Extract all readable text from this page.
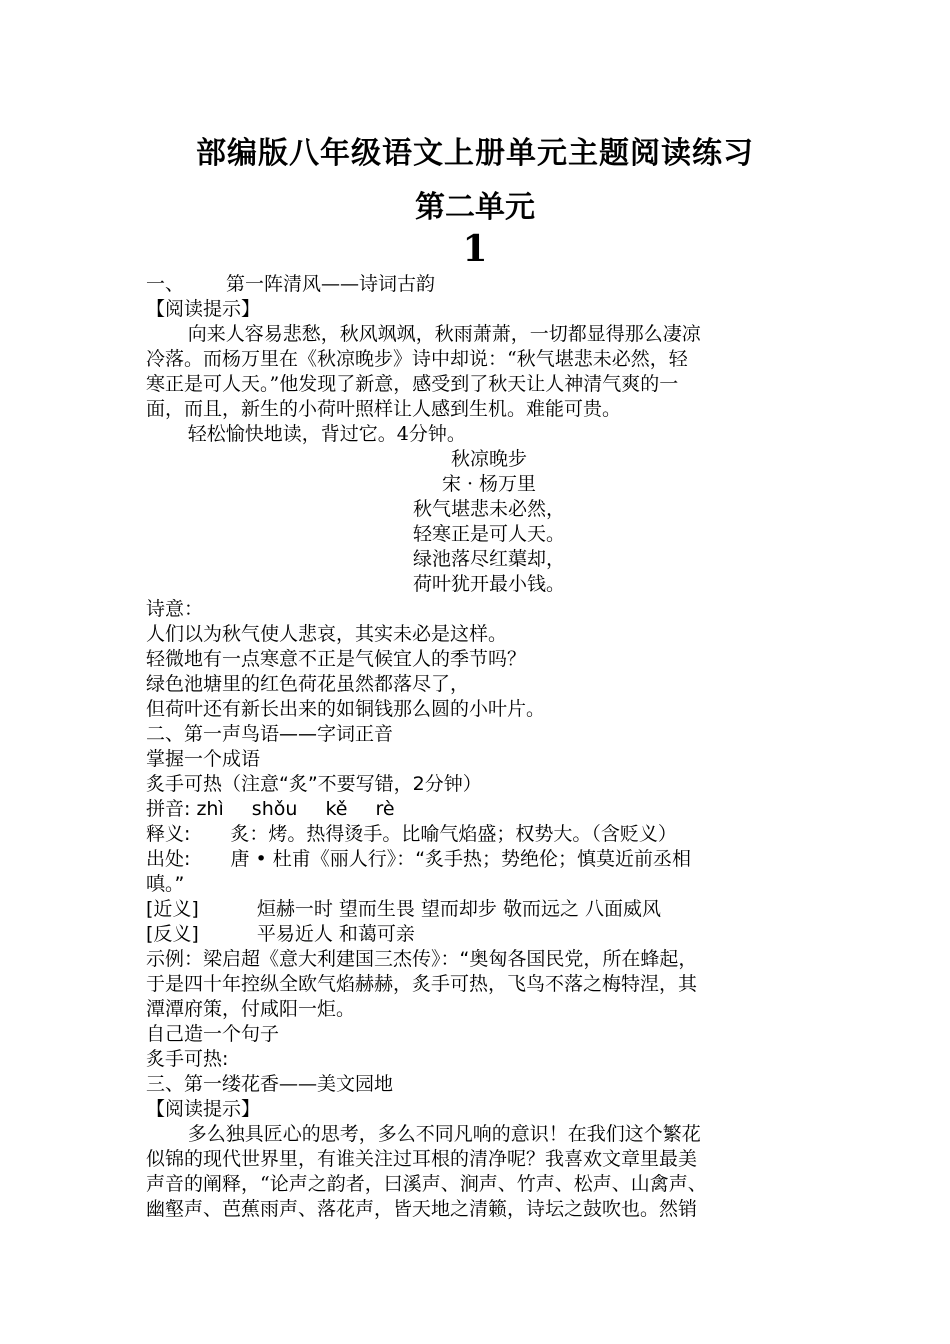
部编版八年级语文上册单元主题阅读练习
第二单元
1

一、 第一阵清风——诗词古韵

【阅读提示】

向来人容易悲愁，秋风飒飒，秋雨萧萧，一切都显得那么凄凉

冷落。而杨万里在《秋凉晚步》诗中却说：“秋气堪悲未必然，轻

寒正是可人天。”他发现了新意，感受到了秋天让人神清气爽的一

面，而且，新生的小荷叶照样让人感到生机。难能可贵。

轻松愉快地读，背过它。4分钟。

秋凉晚步

宋 · 杨万里

秋气堪悲未必然，

轻寒正是可人天。

绿池落尽红蕖却，

荷叶犹开最小钱。

诗意：

人们以为秋气使人悲哀，其实未必是这样。

轻微地有一点寒意不正是气候宜人的季节吗？

绿色池塘里的红色荷花虽然都落尽了，

但荷叶还有新长出来的如铜钱那么圆的小叶片。

二、第一声鸟语——字词正音

掌握一个成语

炙手可热（注意“炙”不要写错，2分钟）

拼音: zhì shǒu kě rè

释义: 炙：烤。热得烫手。比喻气焰盛；权势大。（含贬义）

出处: 唐 • 杜甫《丽人行》：“炙手热；势绝伦；慎莫近前丞相

嗔。”

[近义]	烜赫一时 望而生畏 望而却步 敬而远之 八面威风

[反义]	平易近人 和蔼可亲

示例：梁启超《意大利建国三杰传》：“奥匈各国民党，所在蜂起，

于是四十年控纵全欧气焰赫赫，炙手可热，飞鸟不落之梅特涅，其

潭潭府策，付咸阳一炬。

自己造一个句子

炙手可热:

三、第一缕花香——美文园地

【阅读提示】

多么独具匠心的思考，多么不同凡响的意识！在我们这个繁花

似锦的现代世界里，有谁关注过耳根的清净呢？我喜欢文章里最美

声音的阐释，“论声之韵者，曰溪声、涧声、竹声、松声、山禽声、

幽壑声、芭蕉雨声、落花声，皆天地之清籁，诗坛之鼓吹也。然销
